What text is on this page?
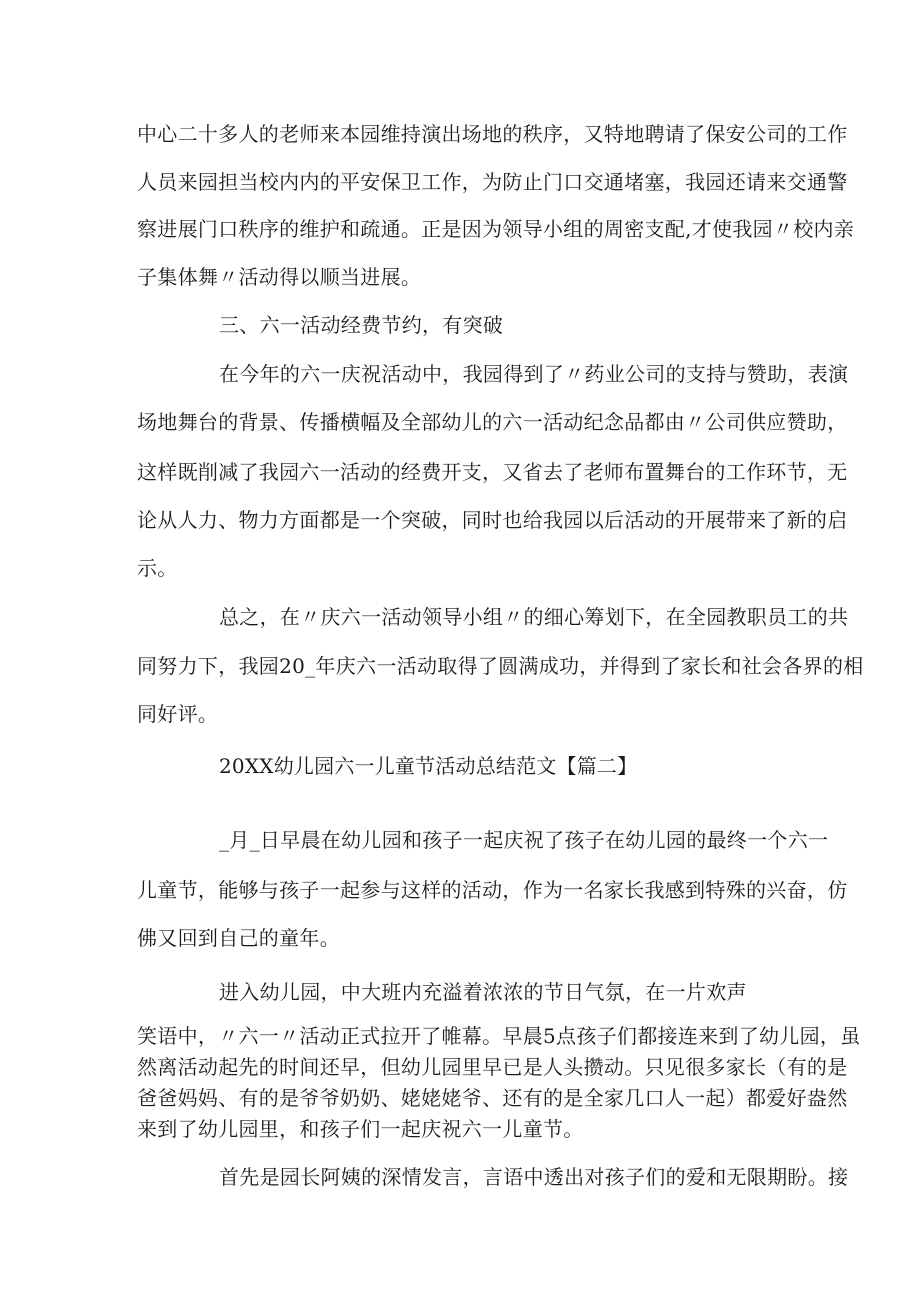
中心二十多人的老师来本园维持演出场地的秩序，又特地聘请了保安公司的工作
人员来园担当校内内的平安保卫工作，为防止门口交通堵塞，我园还请来交通警
察进展门口秩序的维护和疏通。正是因为领导小组的周密支配,才使我园〃校内亲
子集体舞〃活动得以顺当进展。
三、六一活动经费节约，有突破
在今年的六一庆祝活动中，我园得到了〃药业公司的支持与赞助，表演
场地舞台的背景、传播横幅及全部幼儿的六一活动纪念品都由〃公司供应赞助，
这样既削减了我园六一活动的经费开支，又省去了老师布置舞台的工作环节，无
论从人力、物力方面都是一个突破，同时也给我园以后活动的开展带来了新的启
示。
总之，在〃庆六一活动领导小组〃的细心筹划下，在全园教职员工的共
同努力下，我园20_年庆六一活动取得了圆满成功，并得到了家长和社会各界的相
同好评。
20XX幼儿园六一儿童节活动总结范文【篇二】
_月_日早晨在幼儿园和孩子一起庆祝了孩子在幼儿园的最终一个六一
儿童节，能够与孩子一起参与这样的活动，作为一名家长我感到特殊的兴奋，仿
佛又回到自己的童年。
进入幼儿园，中大班内充溢着浓浓的节日气氛，在一片欢声
笑语中，〃六一〃活动正式拉开了帷幕。早晨5点孩子们都接连来到了幼儿园，虽
然离活动起先的时间还早，但幼儿园里早已是人头攒动。只见很多家长（有的是
爸爸妈妈、有的是爷爷奶奶、姥姥姥爷、还有的是全家几口人一起）都爱好盎然
来到了幼儿园里，和孩子们一起庆祝六一儿童节。
首先是园长阿姨的深情发言，言语中透出对孩子们的爱和无限期盼。接
